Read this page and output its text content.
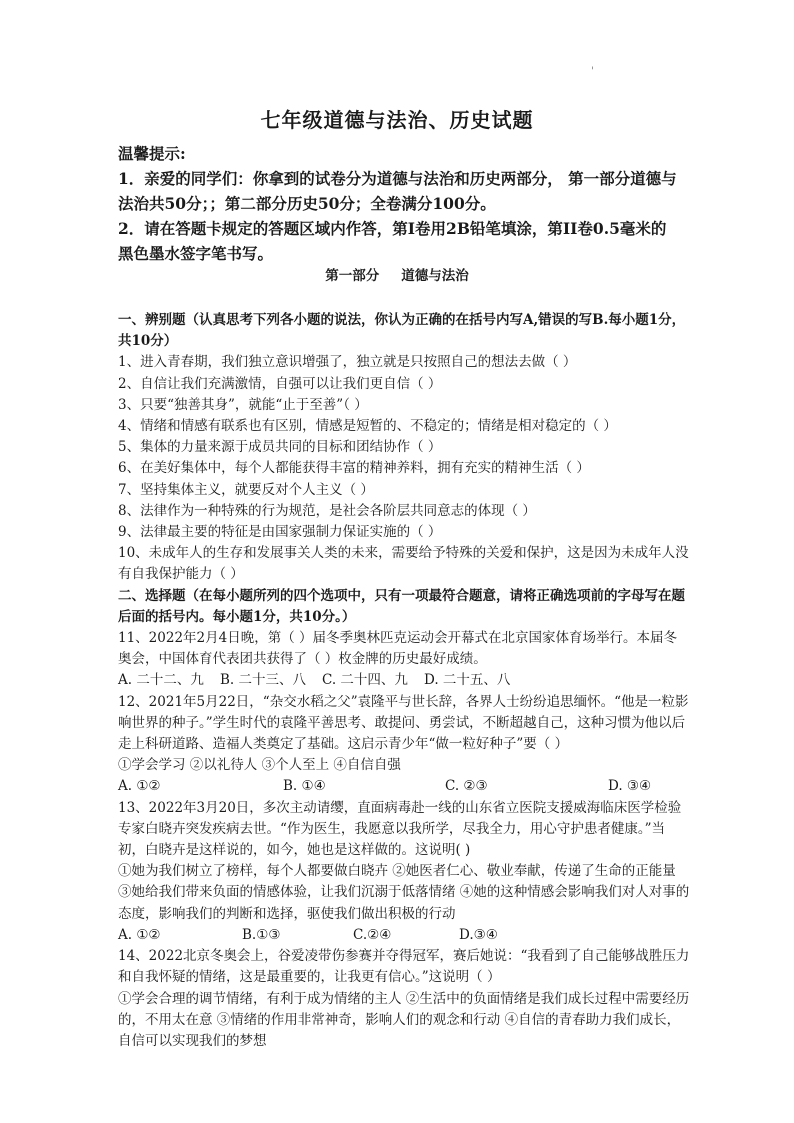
'
七年级道德与法治、历史试题

温馨提示:

1．亲爱的同学们：你拿到的试卷分为道德与法治和历史两部分， 第一部分道德与法治共50分；；第二部分历史50分；全卷满分100分。

2．请在答题卡规定的答题区域内作答，第I卷用2B铅笔填涂，第II卷0.5毫米的黑色墨水签字笔书写。

第一部分 道德与法治

一、辨别题（认真思考下列各小题的说法，你认为正确的在括号内写A,错误的写B.每小题1分，共10分）

1、进入青春期，我们独立意识增强了，独立就是只按照自己的想法去做（ ）

2、自信让我们充满激情，自强可以让我们更自信（ ）

3、只要“独善其身”，就能“止于至善”（ ）

4、情绪和情感有联系也有区别，情感是短暂的、不稳定的；情绪是相对稳定的（ ）

5、集体的力量来源于成员共同的目标和团结协作（ ）

6、在美好集体中，每个人都能获得丰富的精神养料，拥有充实的精神生活（ ）

7、坚持集体主义，就要反对个人主义（ ）

8、法律作为一种特殊的行为规范，是社会各阶层共同意志的体现（ ）

9、法律最主要的特征是由国家强制力保证实施的（ ）

10、未成年人的生存和发展事关人类的未来，需要给予特殊的关爱和保护，这是因为未成年人没有自我保护能力（ ）

二、选择题（在每小题所列的四个选项中，只有一项最符合题意，请将正确选项前的字母写在题后面的括号内。每小题1分，共10分。）

11、2022年2月4日晚，第（ ）届冬季奥林匹克运动会开幕式在北京国家体育场举行。本届冬奥会，中国体育代表团共获得了（ ）枚金牌的历史最好成绩。

A. 二十二、九	B. 二十三、八	C. 二十四、九	D. 二十五、八

12、2021年5月22日，“杂交水稻之父”袁隆平与世长辞，各界人士纷纷追思缅怀。“他是一粒影响世界的种子。”学生时代的袁隆平善思考、敢提问、勇尝试，不断超越自己，这种习惯为他以后走上科研道路、造福人类奠定了基础。这启示青少年“做一粒好种子”要（ ）

①学会学习 ②以礼待人 ③个人至上 ④自信自强

A. ①②	B. ①④	C. ②③	D. ③④

13、2022年3月20日，多次主动请缨，直面病毒赴一线的山东省立医院支援威海临床医学检验专家白晓卉突发疾病去世。“作为医生，我愿意以我所学，尽我全力，用心守护患者健康。”当初，白晓卉是这样说的，如今，她也是这样做的。这说明( )

①她为我们树立了榜样，每个人都要做白晓卉 ②她医者仁心、敬业奉献，传递了生命的正能量 ③她给我们带来负面的情感体验，让我们沉溺于低落情绪 ④她的这种情感会影响我们对人对事的态度，影响我们的判断和选择，驱使我们做出积极的行动

A. ①②	B.①③	C.②④	D.③④

14、2022北京冬奥会上，谷爱凌带伤参赛并夺得冠军，赛后她说：“我看到了自己能够战胜压力和自我怀疑的情绪，这是最重要的，让我更有信心。”这说明（ ）

①学会合理的调节情绪，有利于成为情绪的主人 ②生活中的负面情绪是我们成长过程中需要经历的，不用太在意 ③情绪的作用非常神奇，影响人们的观念和行动 ④自信的青春助力我们成长，自信可以实现我们的梦想
